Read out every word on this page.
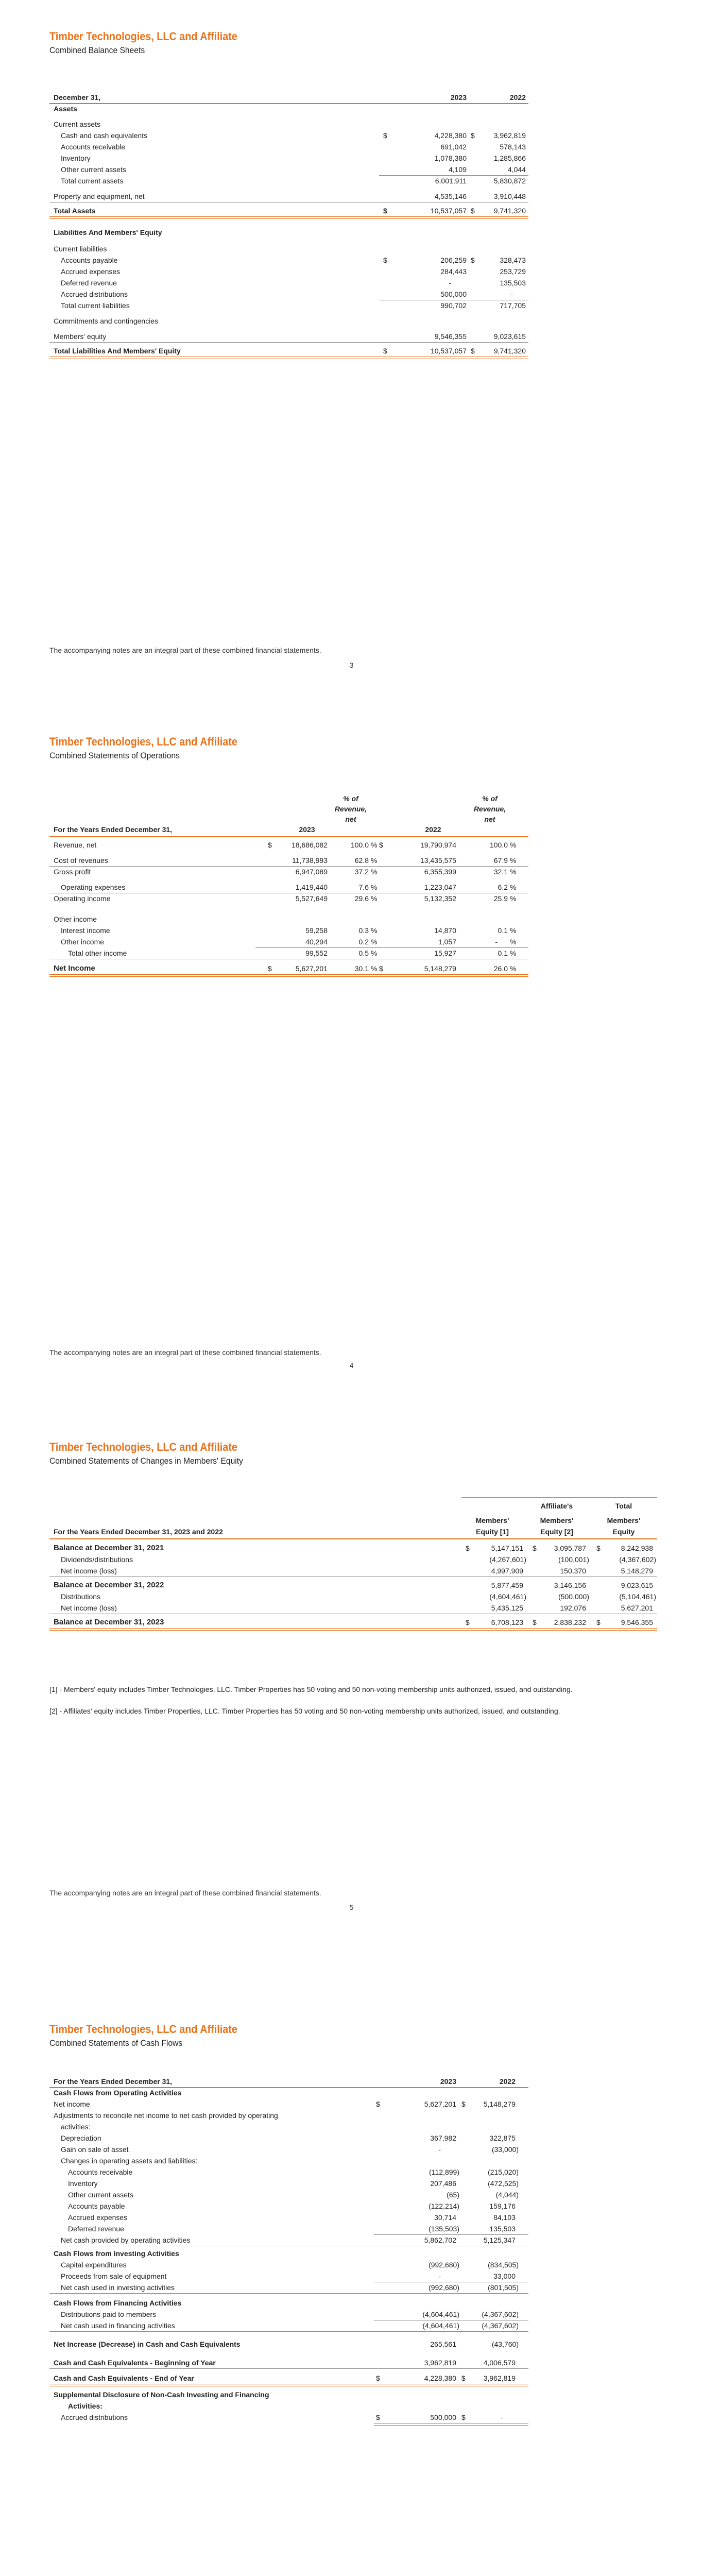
Timber Technologies, LLC and Affiliate
Combined Balance Sheets
December 31,	2023	2022
Assets
Current assets
Cash and cash equivalents	$	4,228,380 $	3,962,819
Accounts receivable	691,042	578,143
Inventory	1,078,380	1,285,866
Other current assets	4,109	4,044
Total current assets	6,001,911	5,830,872
Property and equipment, net	4,535,146	3,910,448
Total Assets	$	10,537,057 $	9,741,320
Liabilities And Members' Equity
Current liabilities
Accounts payable	$	206,259 $	328,473
Accrued expenses	284,443	253,729
Deferred revenue	-	135,503
Accrued distributions	500,000	-
Total current liabilities	990,702	717,705
Commitments and contingencies
Members' equity	9,546,355	9,023,615
Total Liabilities And Members' Equity	$	10,537,057 $	9,741,320
The accompanying notes are an integral part of these combined financial statements.
3
Timber Technologies, LLC and Affiliate
Combined Statements of Operations
% of
Revenue,
net
% of
Revenue,
net
For the Years Ended December 31,	2023	2022
Revenue, net	$	18,686,082	100.0 % $	19,790,974	100.0 %
Cost of revenues	11,738,993	62.8 %	13,435,575	67.9 %
Gross profit	6,947,089	37.2 %	6,355,399	32.1 %
Operating expenses	1,419,440	7.6 %	1,223,047	6.2 %
Operating income	5,527,649	29.6 %	5,132,352	25.9 %
Other income
Interest income	59,258	0.3 %	14,870	0.1 %
Other income	40,294	0.2 %	1,057	- %
Total other income	99,552	0.5 %	15,927	0.1 %
Net Income	$	5,627,201	30.1 % $	5,148,279	26.0 %
The accompanying notes are an integral part of these combined financial statements.
4
Timber Technologies, LLC and Affiliate
Combined Statements of Changes in Members' Equity
Affiliate's	Total
Members'	Members'	Members'
For the Years Ended December 31, 2023 and 2022	Equity [1]	Equity [2]	Equity
Balance at December 31, 2021	$	5,147,151 $	3,095,787 $	8,242,938
Dividends/distributions	(4,267,601)	(100,001)	(4,367,602)
Net income (loss)	4,997,909	150,370	5,148,279
Balance at December 31, 2022	5,877,459	3,146,156	9,023,615
Distributions	(4,604,461)	(500,000)	(5,104,461)
Net income (loss)	5,435,125	192,076	5,627,201
Balance at December 31, 2023	$	6,708,123 $	2,838,232 $	9,546,355
[1] - Members' equity includes Timber Technologies, LLC. Timber Properties has 50 voting and 50 non-voting membership units authorized, issued, and outstanding.
[2] - Affiliates' equity includes Timber Properties, LLC. Timber Properties has 50 voting and 50 non-voting membership units authorized, issued, and outstanding.
The accompanying notes are an integral part of these combined financial statements.
5
Timber Technologies, LLC and Affiliate
Combined Statements of Cash Flows
For the Years Ended December 31,	2023	2022
Cash Flows from Operating Activities
Net income	$	5,627,201 $	5,148,279
Adjustments to reconcile net income to net cash provided by operating
activities:
Depreciation	367,982	322,875
Gain on sale of asset	-	(33,000)
Changes in operating assets and liabilities:
Accounts receivable	(112,899)	(215,020)
Inventory	207,486	(472,525)
Other current assets	(65)	(4,044)
Accounts payable	(122,214)	159,176
Accrued expenses	30,714	84,103
Deferred revenue	(135,503)	135,503
Net cash provided by operating activities	5,862,702	5,125,347
Cash Flows from Investing Activities
Capital expenditures	(992,680)	(834,505)
Proceeds from sale of equipment	-	33,000
Net cash used in investing activities	(992,680)	(801,505)
Cash Flows from Financing Activities
Distributions paid to members	(4,604,461)	(4,367,602)
Net cash used in financing activities	(4,604,461)	(4,367,602)
Net Increase (Decrease) in Cash and Cash Equivalents	265,561	(43,760)
Cash and Cash Equivalents - Beginning of Year	3,962,819	4,006,579
Cash and Cash Equivalents - End of Year	$	4,228,380 $	3,962,819
Supplemental Disclosure of Non-Cash Investing and Financing
Activities:
Accrued distributions	$	500,000 $	-
